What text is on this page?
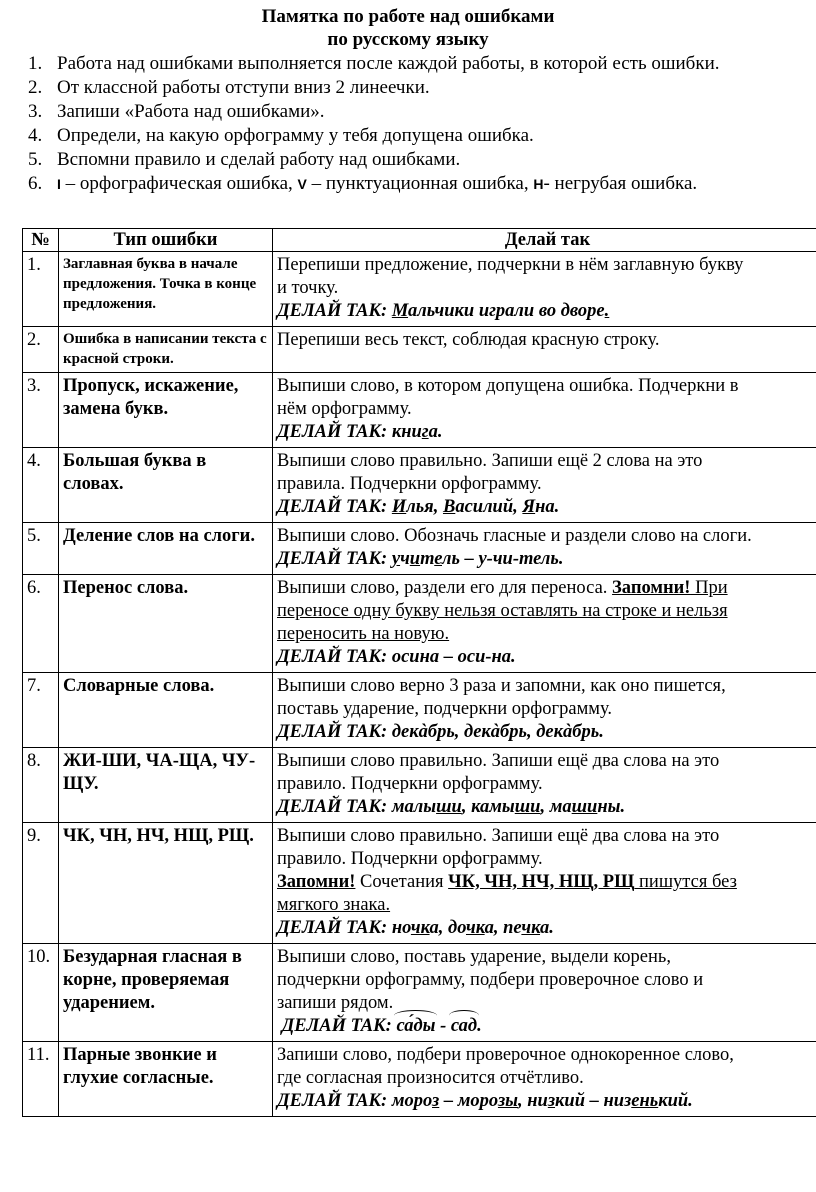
Памятка по работе над ошибками
по русскому языку
1. Работа над ошибками выполняется после каждой работы, в которой есть ошибки.
2. От классной работы отступи вниз 2 линеечки.
3. Запиши «Работа над ошибками».
4. Определи, на какую орфограмму у тебя допущена ошибка.
5. Вспомни правило и сделай работу над ошибками.
6.	I – орфографическая ошибка, V – пунктуационная ошибка, Н- негрубая ошибка.
№	Тип ошибки	Делай так
1.	Заглавная буква в начале предложения. Точка в конце предложения.	Перепиши предложение, подчеркни в нём заглавную букву
и точку.
ДЕЛАЙ ТАК: Мальчики играли во дворе.

2.	Ошибка в написании текста с красной строки.	Перепиши весь текст, соблюдая красную строку.

3.	Пропуск, искажение, замена букв.	Выпиши слово, в котором допущена ошибка. Подчеркни в
нём орфограмму.
ДЕЛАЙ ТАК: книга.

4.	Большая буква в словах.	Выпиши слово правильно. Запиши ещё 2 слова на это
правила. Подчеркни орфограмму.
ДЕЛАЙ ТАК: Илья, Василий, Яна.

5.	Деление слов на слоги.	Выпиши слово. Обозначь гласные и раздели слово на слоги.
ДЕЛАЙ ТАК: учитель – у-чи-тель.

6.	Перенос слова.	Выпиши слово, раздели его для переноса. Запомни! При
переносе одну букву нельзя оставлять на строке и нельзя
переносить на новую.
ДЕЛАЙ ТАК: осина – оси-на.

7.	Словарные слова.	Выпиши слово верно 3 раза и запомни, как оно пишется,
поставь ударение, подчеркни орфограмму.
ДЕЛАЙ ТАК: декàбрь, декàбрь, декàбрь.

8.	ЖИ-ШИ, ЧА-ЩА, ЧУ-ЩУ.	Выпиши слово правильно. Запиши ещё два слова на это
правило. Подчеркни орфограмму.
ДЕЛАЙ ТАК: малыши, камыши, машины.

9.	ЧК, ЧН, НЧ, НЩ, РЩ.	Выпиши слово правильно. Запиши ещё два слова на это
правило. Подчеркни орфограмму.
Запомни! Сочетания ЧК, ЧН, НЧ, НЩ, РЩ пишутся без
мягкого знака.
ДЕЛАЙ ТАК: ночка, дочка, печка.

10.	Безударная гласная в корне, проверяемая ударением.	Выпиши слово, поставь ударение, выдели корень,
подчеркни орфограмму, подбери проверочное слово и
запиши рядом.
ДЕЛАЙ ТАК: са́ды - сад.

11.	Парные звонкие и глухие согласные.	Запиши слово, подбери проверочное однокоренное слово,
где согласная произносится отчётливо.
ДЕЛАЙ ТАК: мороз – морозы, низкий – низенький.
